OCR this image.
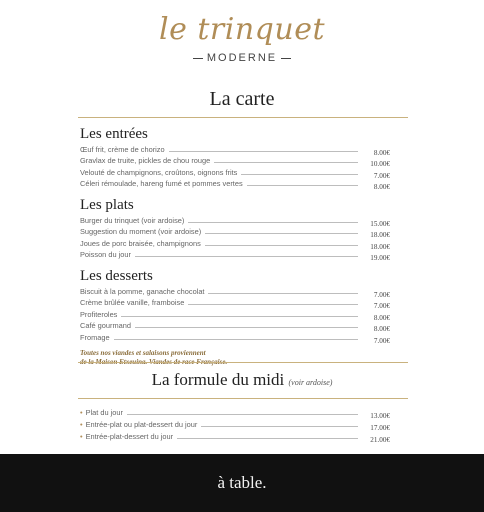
le trinquet
MODERNE
La carte
Les entrées
Œuf frit, crème de chorizo	8.00€
Gravlax de truite, pickles de chou rouge	10.00€
Velouté de champignons, croûtons, oignons frits	7.00€
Céleri rémoulade, hareng fumé et pommes vertes	8.00€
Les plats
Burger du trinquet (voir ardoise)	15.00€
Suggestion du moment (voir ardoise)	18.00€
Joues de porc braisée, champignons	18.00€
Poisson du jour	19.00€
Les desserts
Biscuit à la pomme, ganache chocolat	7.00€
Crème brûlée vanille, framboise	7.00€
Profiteroles	8.00€
Café gourmand	8.00€
Fromage	7.00€
Toutes nos viandes et salaisons proviennent
de la Maison Etxeuina. Viandes de race Française.
La formule du midi (voir ardoise)
• Plat du jour	13.00€
• Entrée-plat ou plat-dessert du jour	17.00€
• Entrée-plat-dessert du jour	21.00€
à table.
